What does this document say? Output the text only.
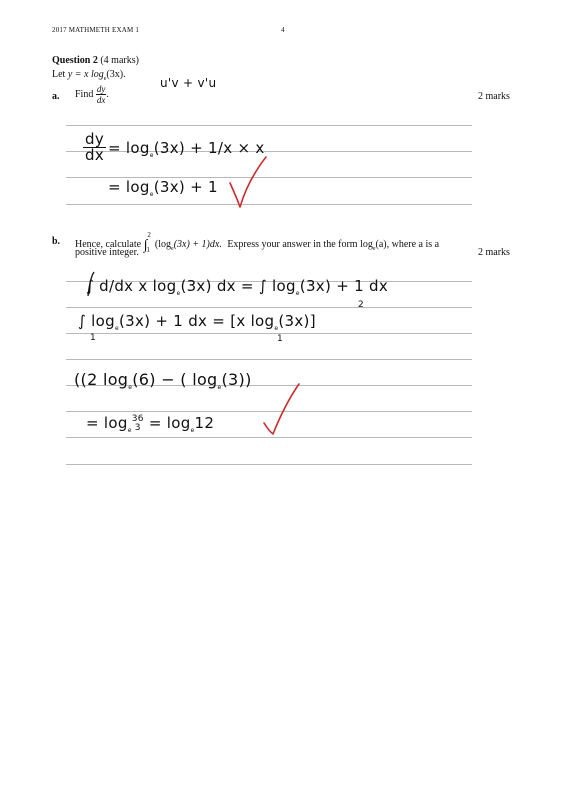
2017 MATHMETH EXAM 1	4
Question 2 (4 marks)
Let y = x $\log_e(3x)$.
u'v + v'u
a. Find $\frac{dy}{dx}$ .	2 marks
dy
dx = $\log_e(3x) + 1/x \times x$
= $\log_e(3x) + 1$
b. Hence, calculate ∫
2
1 $(\log_e(3x) + 1)dx$. Express your answer in the form $\log_e(a)$, where a is a
positive integer.	2 marks
∫ d/dx x $\log_e(3x)$ dx = ∫ $\log_e(3x) + 1$ dx
∫ $\log_e(3x) + 1$ dx = [x $\log_e(3x)$]
2
1	1
((2 $\log_e(6)$ − ( $\log_e(3)$)
= $\log_e$
36
$3 = \log_e12$
